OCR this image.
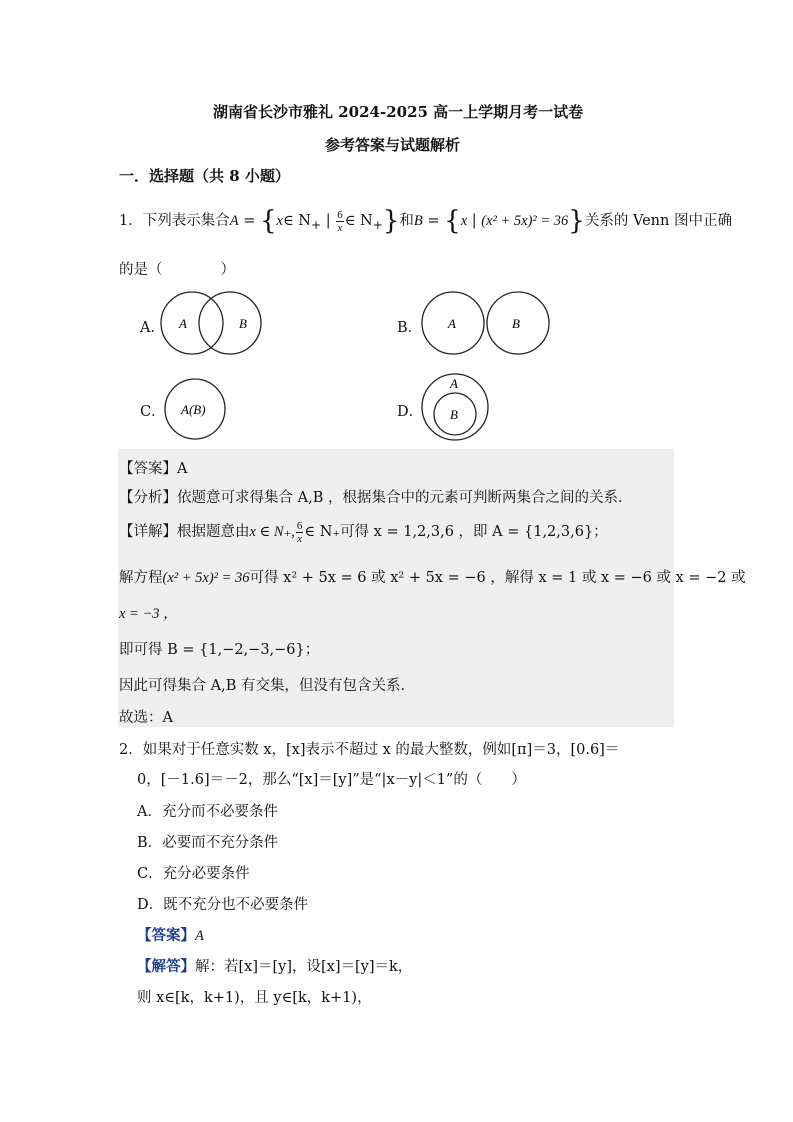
湖南省长沙市雅礼 2024-2025 高一上学期月考一试卷
参考答案与试题解析
一．选择题（共 8 小题）
1．下列表示集合A = {x∈ $N_+$ | $\frac{6}{x}$ ∈ $N_+$}和B = {x | (x² + 5x)² = 36}关系的 Venn 图中正确
的是（　　　　）
A． A	B	B． A	B
C． A(B)	D．
A
B
【答案】A
【分析】依题意可求得集合 A,B ，根据集合中的元素可判断两集合之间的关系．
【详解】根据题意由x ∈ N₊, $\frac{6}{x}$ ∈ N₊可得 x = 1,2,3,6 ，即 A = {1,2,3,6}；
解方程(x² + 5x)² = 36可得 x² + 5x = 6 或 x² + 5x = −6 ，解得 x = 1 或 x = −6 或 x = −2 或
x = −3 ，
即可得 B = {1,−2,−3,−6}；
因此可得集合 A,B 有交集，但没有包含关系．
故选：A
2．如果对于任意实数 x，[x]表示不超过 x 的最大整数，例如[π]＝3，[0.6]＝
0，[－1.6]＝－2，那么“[x]＝[y]”是“|x－y|＜1”的（　　）
A．充分而不必要条件
B．必要而不充分条件
C．充分必要条件
D．既不充分也不必要条件
【答案】A
【解答】解：若[x]＝[y]，设[x]＝[y]＝k，
则 x∈[k，k+1)，且 y∈[k，k+1)，
